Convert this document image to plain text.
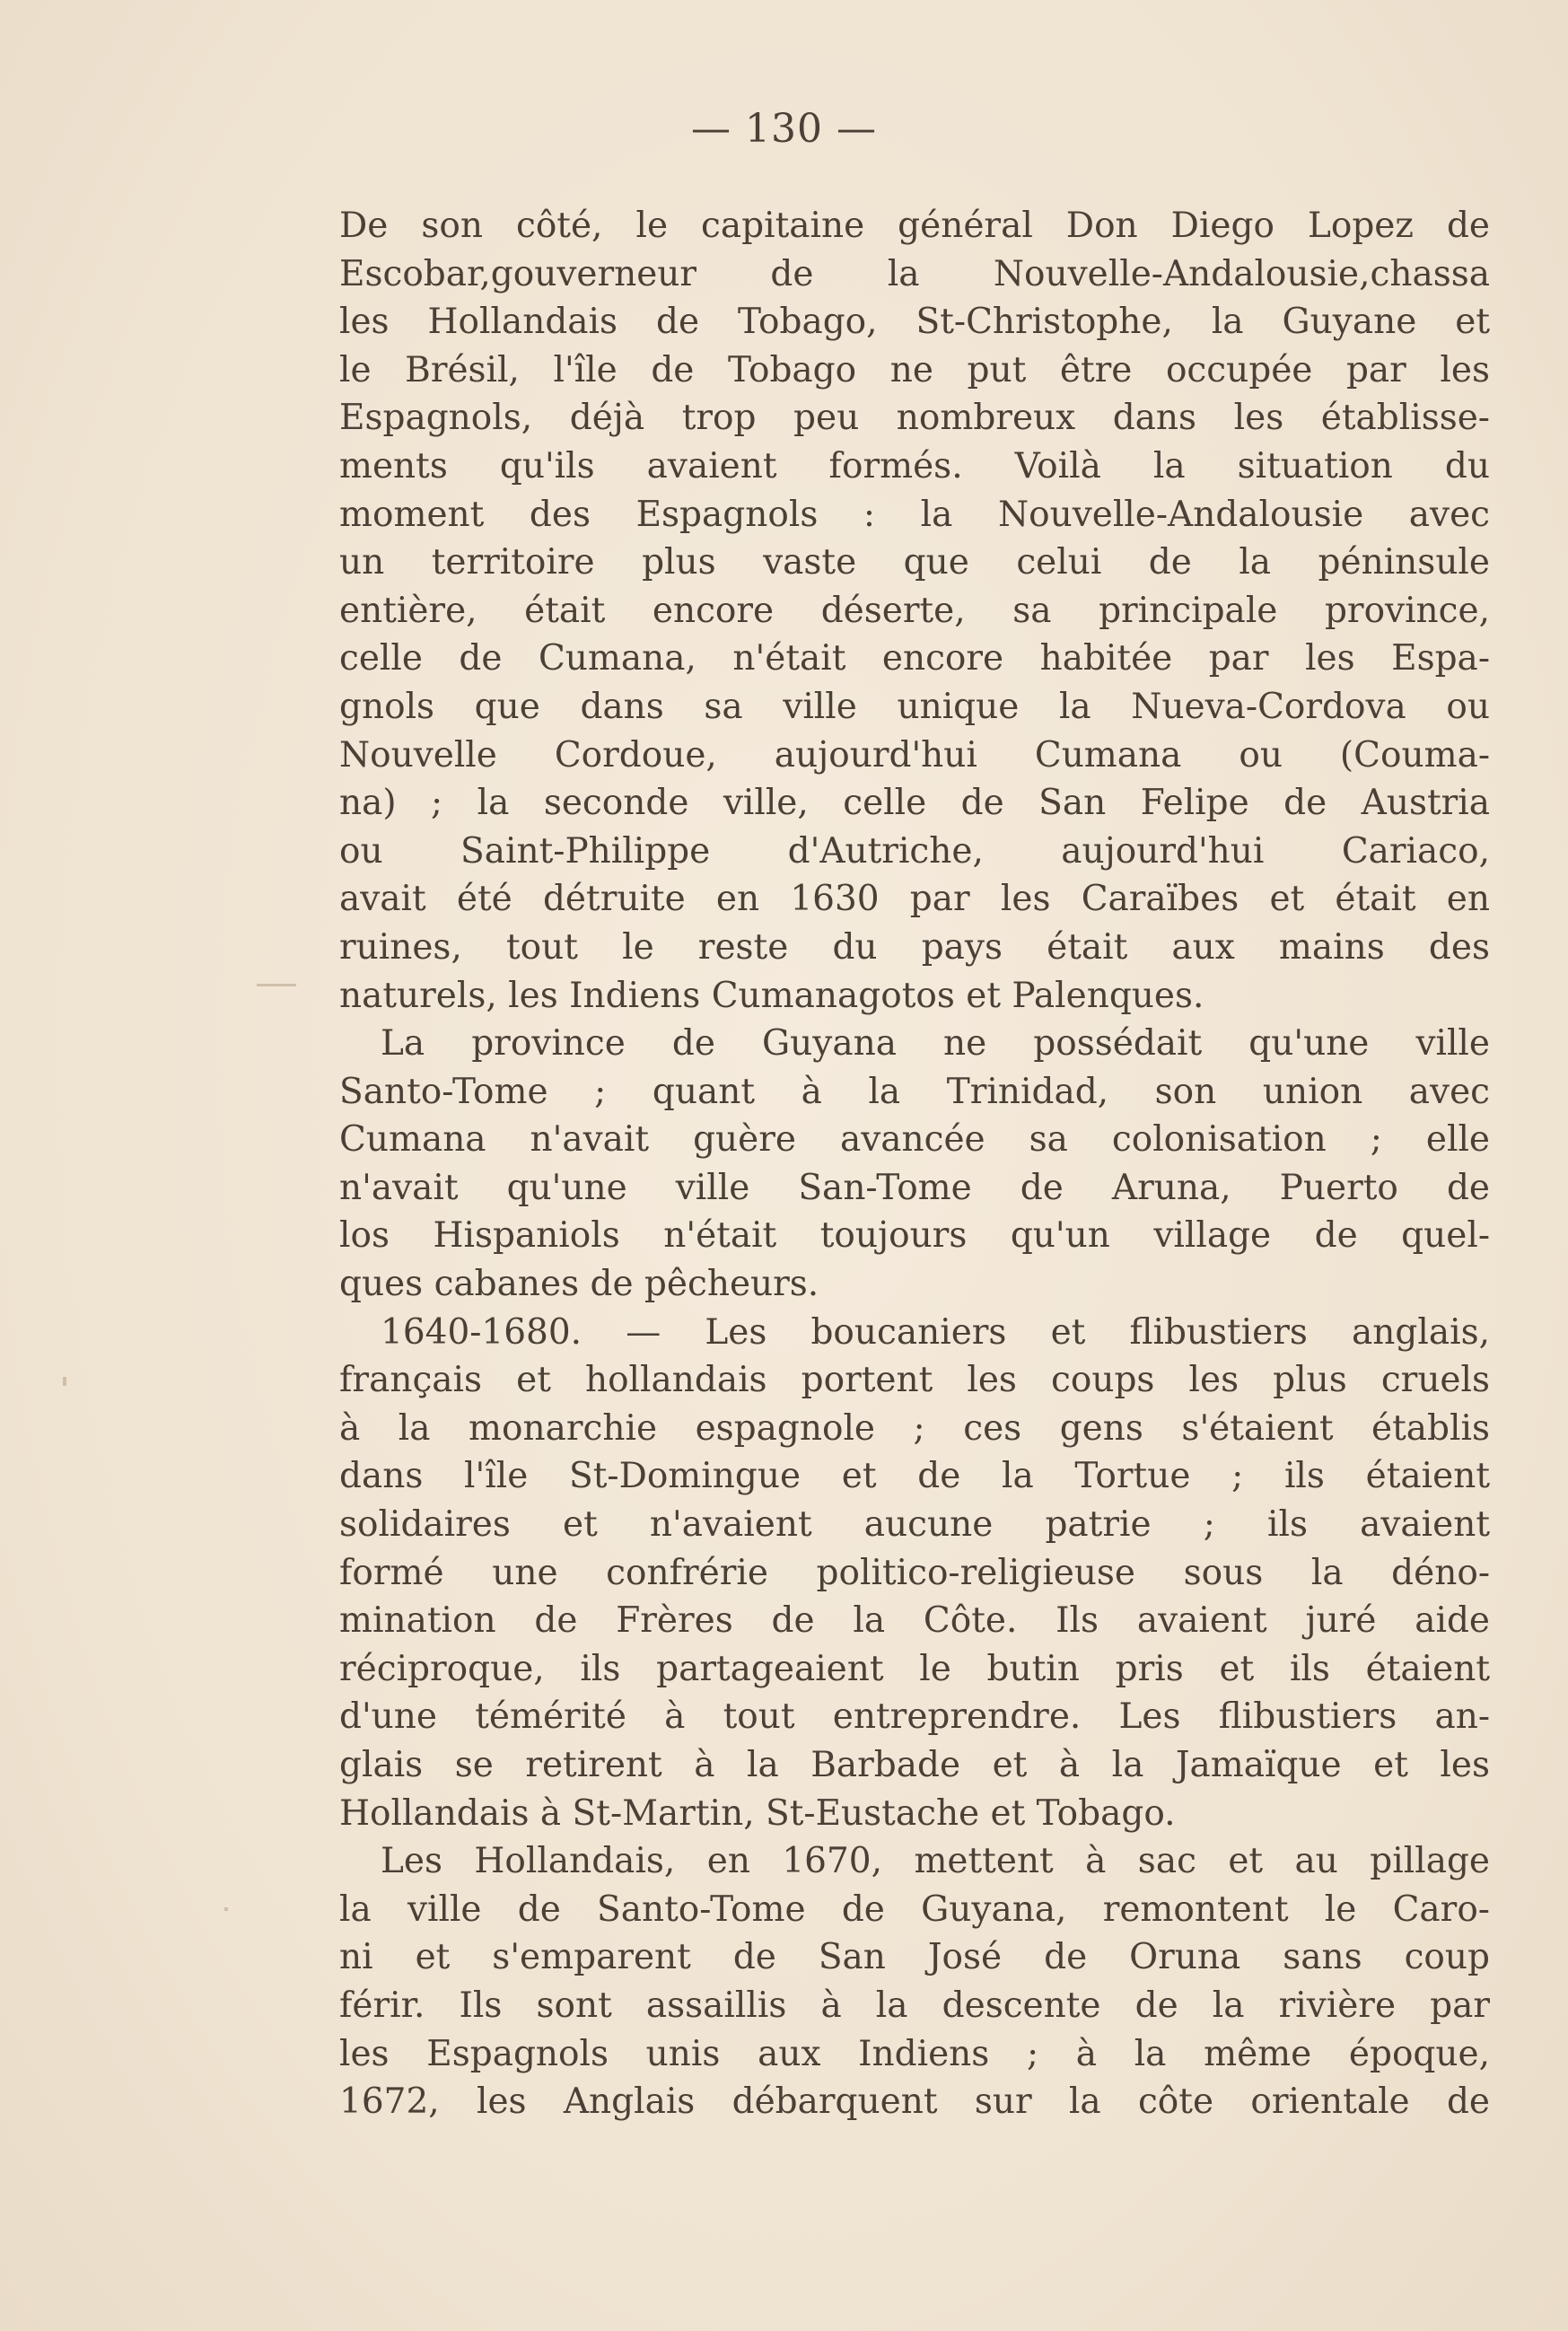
— 130 —
De son côté, le capitaine général Don Diego Lopez de
Escobar,gouverneur de la Nouvelle-Andalousie,chassa
les Hollandais de Tobago, St-Christophe, la Guyane et
le Brésil, l'île de Tobago ne put être occupée par les
Espagnols, déjà trop peu nombreux dans les établisse-
ments qu'ils avaient formés. Voilà la situation du
moment des Espagnols : la Nouvelle-Andalousie avec
un territoire plus vaste que celui de la péninsule
entière, était encore déserte, sa principale province,
celle de Cumana, n'était encore habitée par les Espa-
gnols que dans sa ville unique la Nueva-Cordova ou
Nouvelle Cordoue, aujourd'hui Cumana ou (Couma-
na) ; la seconde ville, celle de San Felipe de Austria
ou Saint-Philippe d'Autriche, aujourd'hui Cariaco,
avait été détruite en 1630 par les Caraïbes et était en
ruines, tout le reste du pays était aux mains des
naturels, les Indiens Cumanagotos et Palenques.
La province de Guyana ne possédait qu'une ville
Santo-Tome ; quant à la Trinidad, son union avec
Cumana n'avait guère avancée sa colonisation ; elle
n'avait qu'une ville San-Tome de Aruna, Puerto de
los Hispaniols n'était toujours qu'un village de quel-
ques cabanes de pêcheurs.
1640-1680. — Les boucaniers et flibustiers anglais,
français et hollandais portent les coups les plus cruels
à la monarchie espagnole ; ces gens s'étaient établis
dans l'île St-Domingue et de la Tortue ; ils étaient
solidaires et n'avaient aucune patrie ; ils avaient
formé une confrérie politico-religieuse sous la déno-
mination de Frères de la Côte. Ils avaient juré aide
réciproque, ils partageaient le butin pris et ils étaient
d'une témérité à tout entreprendre. Les flibustiers an-
glais se retirent à la Barbade et à la Jamaïque et les
Hollandais à St-Martin, St-Eustache et Tobago.
Les Hollandais, en 1670, mettent à sac et au pillage
la ville de Santo-Tome de Guyana, remontent le Caro-
ni et s'emparent de San José de Oruna sans coup
férir. Ils sont assaillis à la descente de la rivière par
les Espagnols unis aux Indiens ; à la même époque,
1672, les Anglais débarquent sur la côte orientale de
